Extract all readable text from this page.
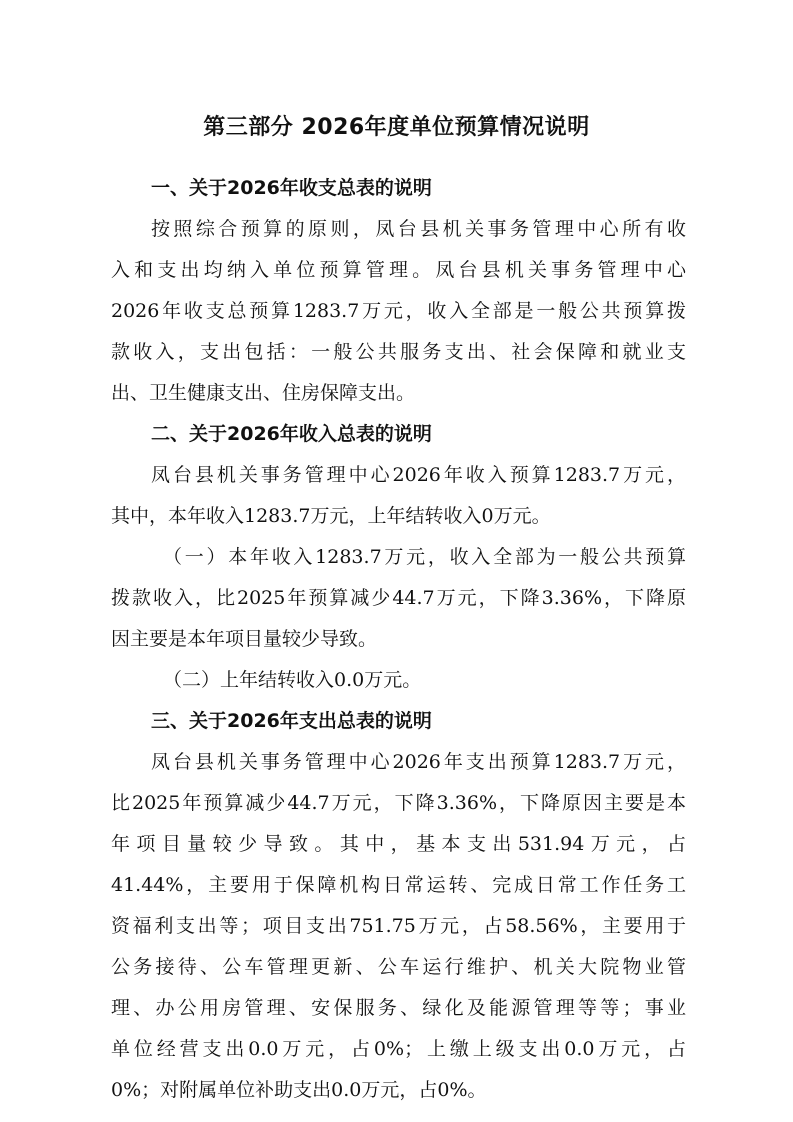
第三部分 2026年度单位预算情况说明
一、关于2026年收支总表的说明
按照综合预算的原则，凤台县机关事务管理中心所有收
入和支出均纳入单位预算管理。凤台县机关事务管理中心
2026年收支总预算1283.7万元，收入全部是一般公共预算拨
款收入，支出包括：一般公共服务支出、社会保障和就业支
出、卫生健康支出、住房保障支出。
二、关于2026年收入总表的说明
凤台县机关事务管理中心2026年收入预算1283.7万元，
其中，本年收入1283.7万元，上年结转收入0万元。
（一）本年收入1283.7万元，收入全部为一般公共预算
拨款收入，比2025年预算减少44.7万元，下降3.36%，下降原
因主要是本年项目量较少导致。
（二）上年结转收入0.0万元。
三、关于2026年支出总表的说明
凤台县机关事务管理中心2026年支出预算1283.7万元，
比2025年预算减少44.7万元，下降3.36%，下降原因主要是本
年项目量较少导致。其中，基本支出531.94万元，占
41.44%，主要用于保障机构日常运转、完成日常工作任务工
资福利支出等；项目支出751.75万元，占58.56%，主要用于
公务接待、公车管理更新、公车运行维护、机关大院物业管
理、办公用房管理、安保服务、绿化及能源管理等等；事业
单位经营支出0.0万元，占0%；上缴上级支出0.0万元，占
0%；对附属单位补助支出0.0万元，占0%。
